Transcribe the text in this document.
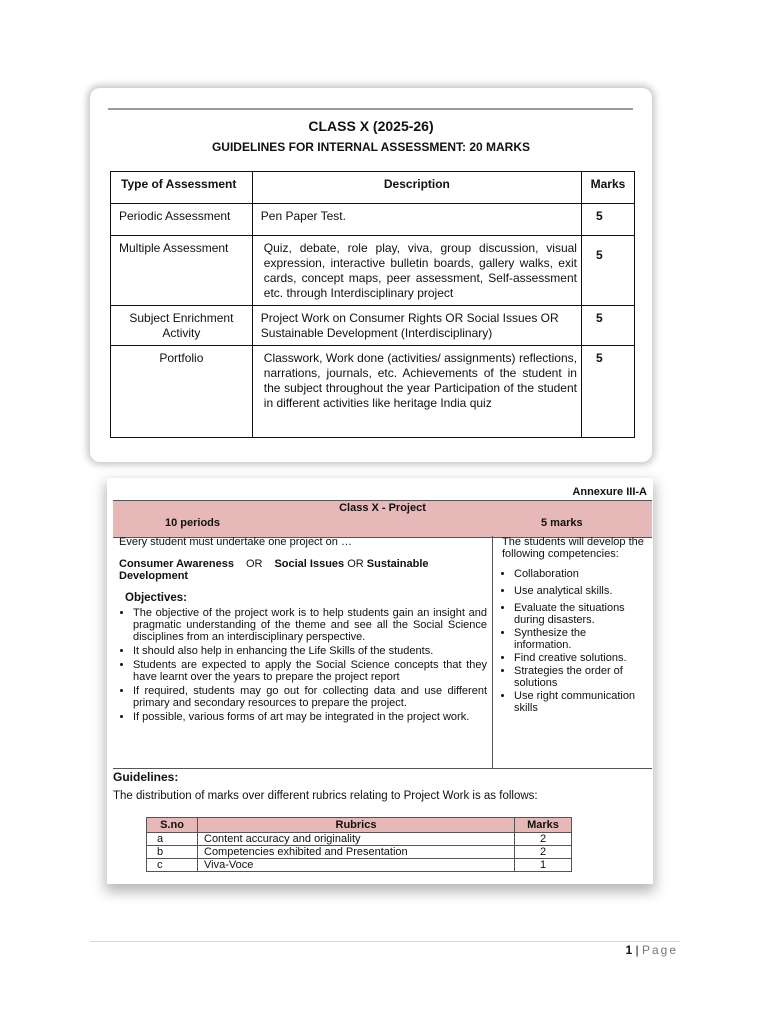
CLASS X (2025-26)
GUIDELINES FOR INTERNAL ASSESSMENT: 20 MARKS
Type of Assessment	Description	Marks
Periodic Assessment	Pen Paper Test.	5
Multiple Assessment	Quiz, debate, role play, viva, group discussion, visual expression, interactive bulletin boards, gallery walks, exit cards, concept maps, peer assessment, Self-assessment etc. through Interdisciplinary project	5
Subject Enrichment Activity	Project Work on Consumer Rights OR Social Issues OR Sustainable Development (Interdisciplinary)	5
Portfolio	Classwork, Work done (activities/ assignments) reflections, narrations, journals, etc. Achievements of the student in the subject throughout the year Participation of the student in different activities like heritage India quiz	5
Annexure III-A
Class X - Project
10 periods	5 marks
Every student must undertake one project on …
Consumer Awareness OR Social Issues OR Sustainable Development
Objectives:
• The objective of the project work is to help students gain an insight and pragmatic understanding of the theme and see all the Social Science disciplines from an interdisciplinary perspective.
• It should also help in enhancing the Life Skills of the students.
• Students are expected to apply the Social Science concepts that they have learnt over the years to prepare the project report
• If required, students may go out for collecting data and use different primary and secondary resources to prepare the project.
• If possible, various forms of art may be integrated in the project work.
The students will develop the following competencies:
• Collaboration
• Use analytical skills.
• Evaluate the situations during disasters.
• Synthesize the information.
• Find creative solutions.
• Strategies the order of solutions
• Use right communication skills
Guidelines:
The distribution of marks over different rubrics relating to Project Work is as follows:
S.no	Rubrics	Marks
a	Content accuracy and originality	2
b	Competencies exhibited and Presentation	2
c	Viva-Voce	1
1 | Page
